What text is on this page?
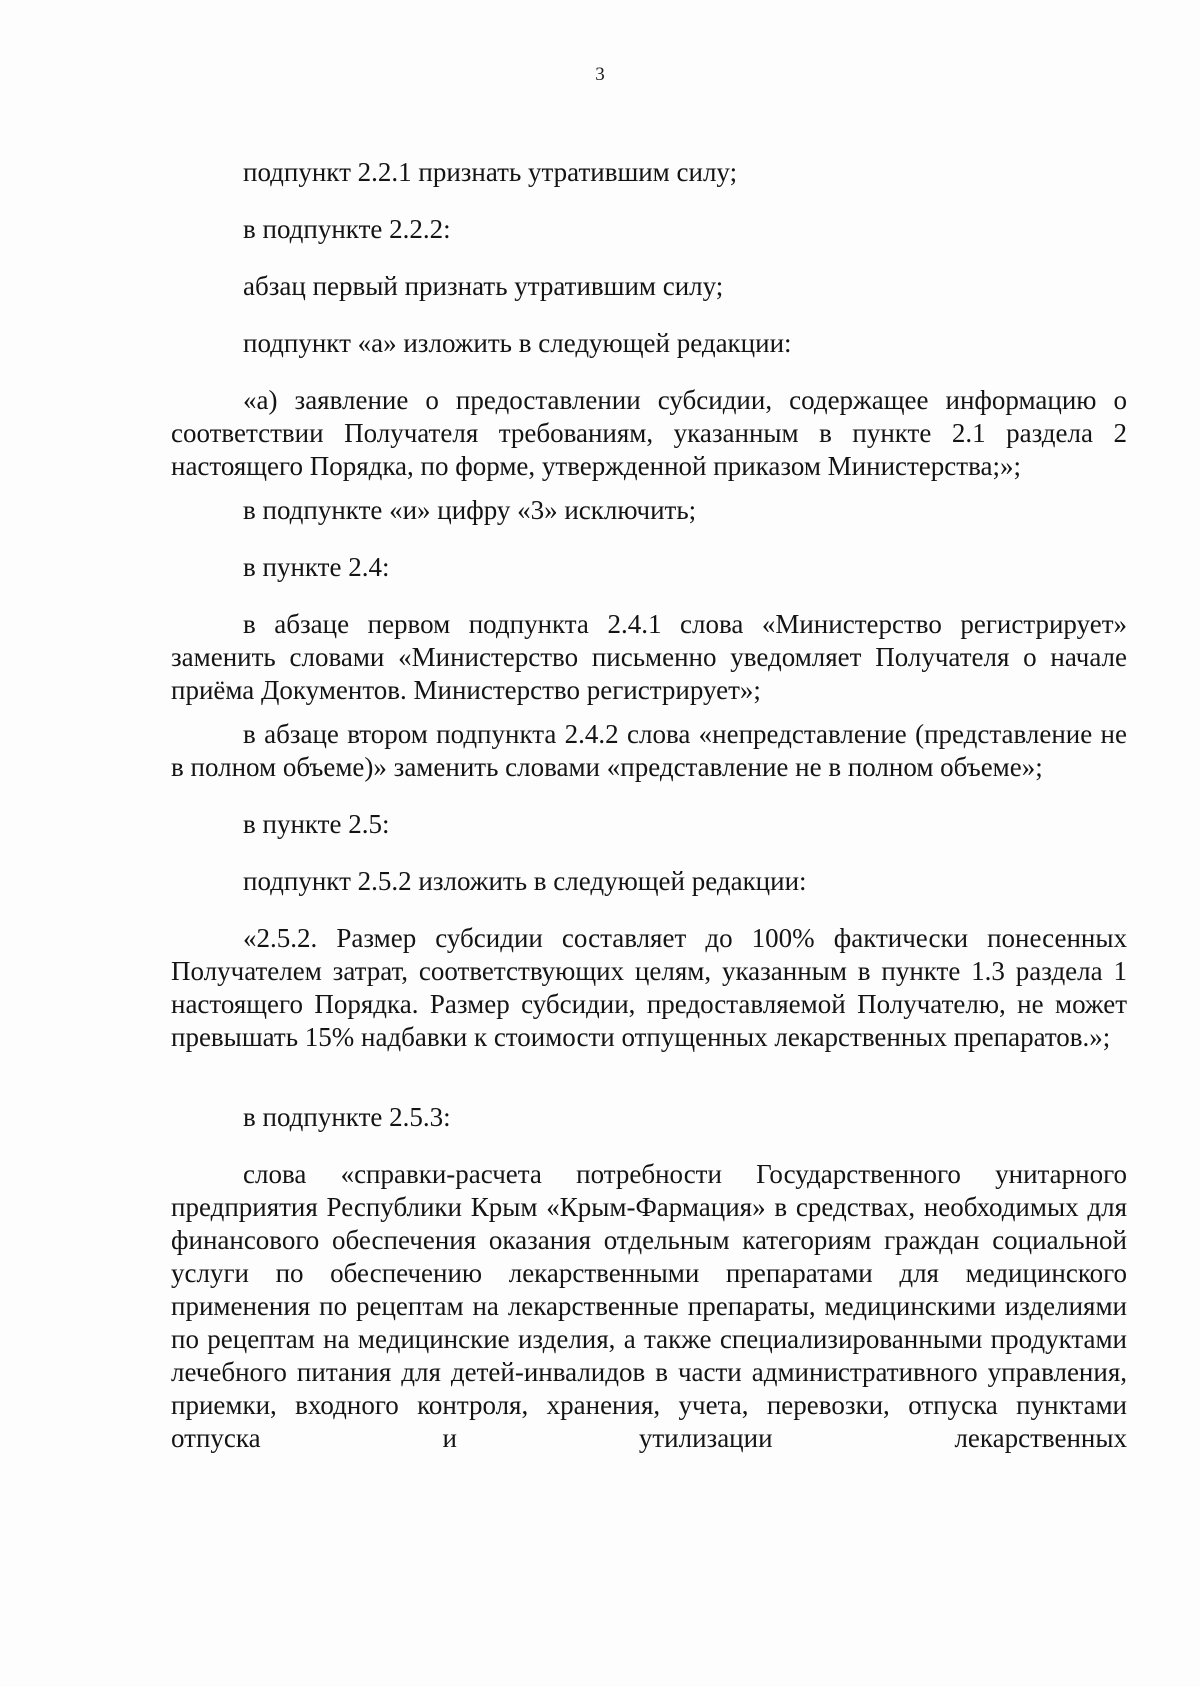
3

подпункт 2.2.1 признать утратившим силу;

в подпункте 2.2.2:

абзац первый признать утратившим силу;

подпункт «а» изложить в следующей редакции:

«а) заявление о предоставлении субсидии, содержащее информацию о соответствии Получателя требованиям, указанным в пункте 2.1 раздела 2 настоящего Порядка, по форме, утвержденной приказом Министерства;»;

в подпункте «и» цифру «3» исключить;

в пункте 2.4:

в абзаце первом подпункта 2.4.1 слова «Министерство регистрирует» заменить словами «Министерство письменно уведомляет Получателя о начале приёма Документов. Министерство регистрирует»;

в абзаце втором подпункта 2.4.2 слова «непредставление (представление не в полном объеме)» заменить словами «представление не в полном объеме»;

в пункте 2.5:

подпункт 2.5.2 изложить в следующей редакции:

«2.5.2. Размер субсидии составляет до 100% фактически понесенных Получателем затрат, соответствующих целям, указанным в пункте 1.3 раздела 1 настоящего Порядка. Размер субсидии, предоставляемой Получателю, не может превышать 15% надбавки к стоимости отпущенных лекарственных препаратов.»;

в подпункте 2.5.3:

слова «справки-расчета потребности Государственного унитарного предприятия Республики Крым «Крым-Фармация» в средствах, необходимых для финансового обеспечения оказания отдельным категориям граждан социальной услуги по обеспечению лекарственными препаратами для медицинского применения по рецептам на лекарственные препараты, медицинскими изделиями по рецептам на медицинские изделия, а также специализированными продуктами лечебного питания для детей-инвалидов в части административного управления, приемки, входного контроля, хранения, учета, перевозки, отпуска пунктами отпуска и утилизации лекарственных
